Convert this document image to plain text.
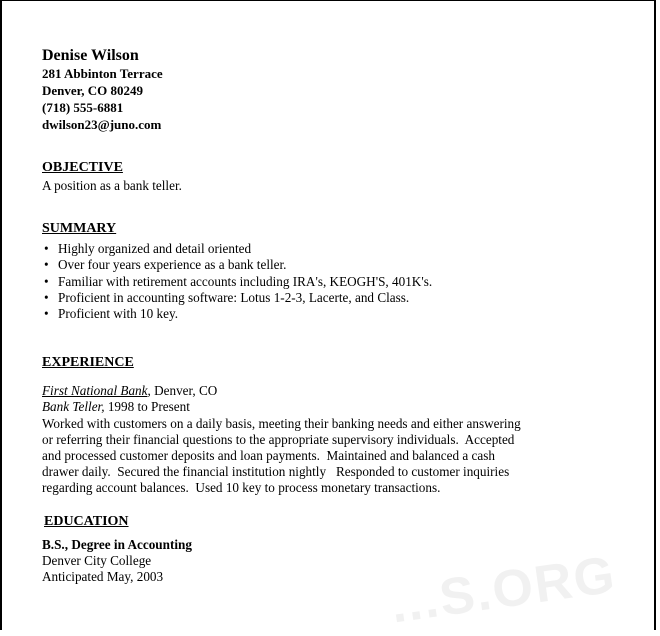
Denise Wilson
281 Abbinton Terrace
Denver, CO 80249
(718) 555-6881
dwilson23@juno.com
OBJECTIVE
A position as a bank teller.
SUMMARY
• Highly organized and detail oriented
• Over four years experience as a bank teller.
• Familiar with retirement accounts including IRA's, KEOGH'S, 401K's.
• Proficient in accounting software: Lotus 1-2-3, Lacerte, and Class.
• Proficient with 10 key.
EXPERIENCE
First National Bank, Denver, CO
Bank Teller, 1998 to Present
Worked with customers on a daily basis, meeting their banking needs and either answering
or referring their financial questions to the appropriate supervisory individuals.  Accepted
and processed customer deposits and loan payments.  Maintained and balanced a cash
drawer daily.  Secured the financial institution nightly   Responded to customer inquiries
regarding account balances.  Used 10 key to process monetary transactions.
EDUCATION
B.S., Degree in Accounting
Denver City College
Anticipated May, 2003	...S.ORG
